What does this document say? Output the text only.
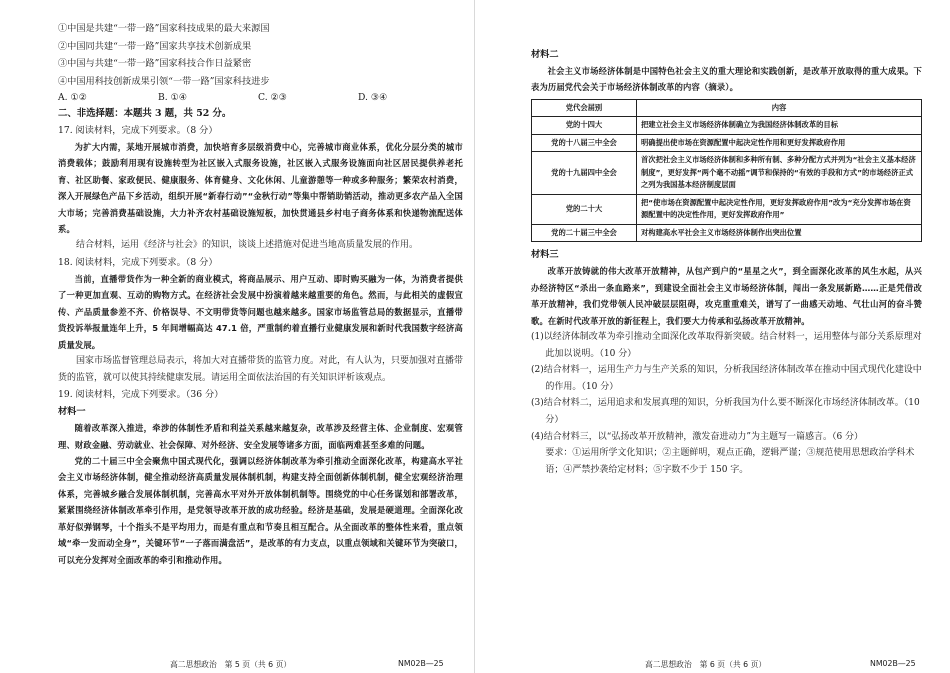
①中国是共建“一带一路”国家科技成果的最大来源国

②中国同共建“一带一路”国家共享技术创新成果

③中国与共建“一带一路”国家科技合作日益紧密

④中国用科技创新成果引领“一带一路”国家科技进步

A. ①②	B. ①④	C. ②③	D. ③④

二、非选择题：本题共 3 题，共 52 分。

17. 阅读材料，完成下列要求。（8 分）

为扩大内需，某地开展城市消费，加快培育多层级消费中心，完善城市商业体系，优化分层分类的城市消费载体；鼓励利用现有设施转型为社区嵌入式服务设施，社区嵌入式服务设施面向社区居民提供养老托育、社区助餐、家政便民、健康服务、体育健身、文化休闲、儿童游憩等一种或多种服务；繁荣农村消费，深入开展绿色产品下乡活动，组织开展“新春行动”“金秋行动”等集中帮销助销活动，推动更多农产品入全国大市场；完善消费基础设施，大力补齐农村基础设施短板，加快贯通县乡村电子商务体系和快递物流配送体系。

结合材料，运用《经济与社会》的知识，谈谈上述措施对促进当地高质量发展的作用。

18. 阅读材料，完成下列要求。（8 分）

当前，直播带货作为一种全新的商业模式，将商品展示、用户互动、即时购买融为一体，为消费者提供了一种更加直观、互动的购物方式。在经济社会发展中扮演着越来越重要的角色。然而，与此相关的虚假宣传、产品质量参差不齐、价格误导、不文明带货等问题也越来越多。国家市场监管总局的数据显示，直播带货投诉举报量连年上升，5 年间增幅高达 47.1 倍，严重制约着直播行业健康发展和新时代我国数字经济高质量发展。

国家市场监督管理总局表示，将加大对直播带货的监管力度。对此，有人认为，只要加强对直播带货的监管，就可以使其持续健康发展。请运用全面依法治国的有关知识评析该观点。

19. 阅读材料，完成下列要求。（36 分）

材料一

随着改革深入推进，牵涉的体制性矛盾和利益关系越来越复杂，改革涉及经营主体、企业制度、宏观管理、财政金融、劳动就业、社会保障、对外经济、安全发展等诸多方面，面临两难甚至多难的问题。

党的二十届三中全会聚焦中国式现代化，强调以经济体制改革为牵引推动全面深化改革，构建高水平社会主义市场经济体制，健全推动经济高质量发展体制机制，构建支持全面创新体制机制，健全宏观经济治理体系，完善城乡融合发展体制机制，完善高水平对外开放体制机制等。围绕党的中心任务谋划和部署改革，紧紧围绕经济体制改革牵引作用，是党领导改革开放的成功经验。经济是基础，发展是硬道理。全面深化改革好似弹钢琴，十个指头不是平均用力，而是有重点和节奏且相互配合。从全面改革的整体性来看，重点领域“牵一发而动全身”，关键环节“一子落而满盘活”，是改革的有力支点，以重点领域和关键环节为突破口，可以充分发挥对全面改革的牵引和推动作用。

高二思想政治　第 5 页（共 6 页）	NM02B—25

材料二

社会主义市场经济体制是中国特色社会主义的重大理论和实践创新，是改革开放取得的重大成果。下表为历届党代会关于市场经济体制改革的内容（摘录）。

党代会届别	内容
党的十四大	把建立社会主义市场经济体制确立为我国经济体制改革的目标
党的十八届三中全会	明确提出使市场在资源配置中起决定性作用和更好发挥政府作用
党的十九届四中全会	首次把社会主义市场经济体制和多种所有制、多种分配方式并列为“社会主义基本经济制度”，更好发挥“两个毫不动摇”调节和保持的“有效的手段和方式”的市场经济正式之列为我国基本经济制度层面
党的二十大	把“使市场在资源配置中起决定性作用，更好发挥政府作用”改为“充分发挥市场在资源配置中的决定性作用，更好发挥政府作用”
党的二十届三中全会	对构建高水平社会主义市场经济体制作出突出位置

材料三

改革开放铸就的伟大改革开放精神，从包产到户的“星星之火”，到全面深化改革的风生水起，从兴办经济特区“杀出一条血路来”，到建设全面社会主义市场经济体制，闯出一条发展新路……正是凭借改革开放精神，我们党带领人民冲破层层阻碍，攻克重重难关，谱写了一曲感天动地、气壮山河的奋斗赞歌。在新时代改革开放的新征程上，我们要大力传承和弘扬改革开放精神。

(1)以经济体制改革为牵引推动全面深化改革取得新突破。结合材料一，运用整体与部分关系原理对此加以说明。（10 分）

(2)结合材料一，运用生产力与生产关系的知识，分析我国经济体制改革在推动中国式现代化建设中的作用。（10 分）

(3)结合材料二，运用追求和发展真理的知识，分析我国为什么要不断深化市场经济体制改革。（10 分）

(4)结合材料三，以“弘扬改革开放精神，激发奋进动力”为主题写一篇感言。（6 分）

要求：①运用所学文化知识；②主题鲜明，观点正确，逻辑严谨；③规范使用思想政治学科术语；④严禁抄袭给定材料；⑤字数不少于 150 字。

高二思想政治　第 6 页（共 6 页）	NM02B—25
